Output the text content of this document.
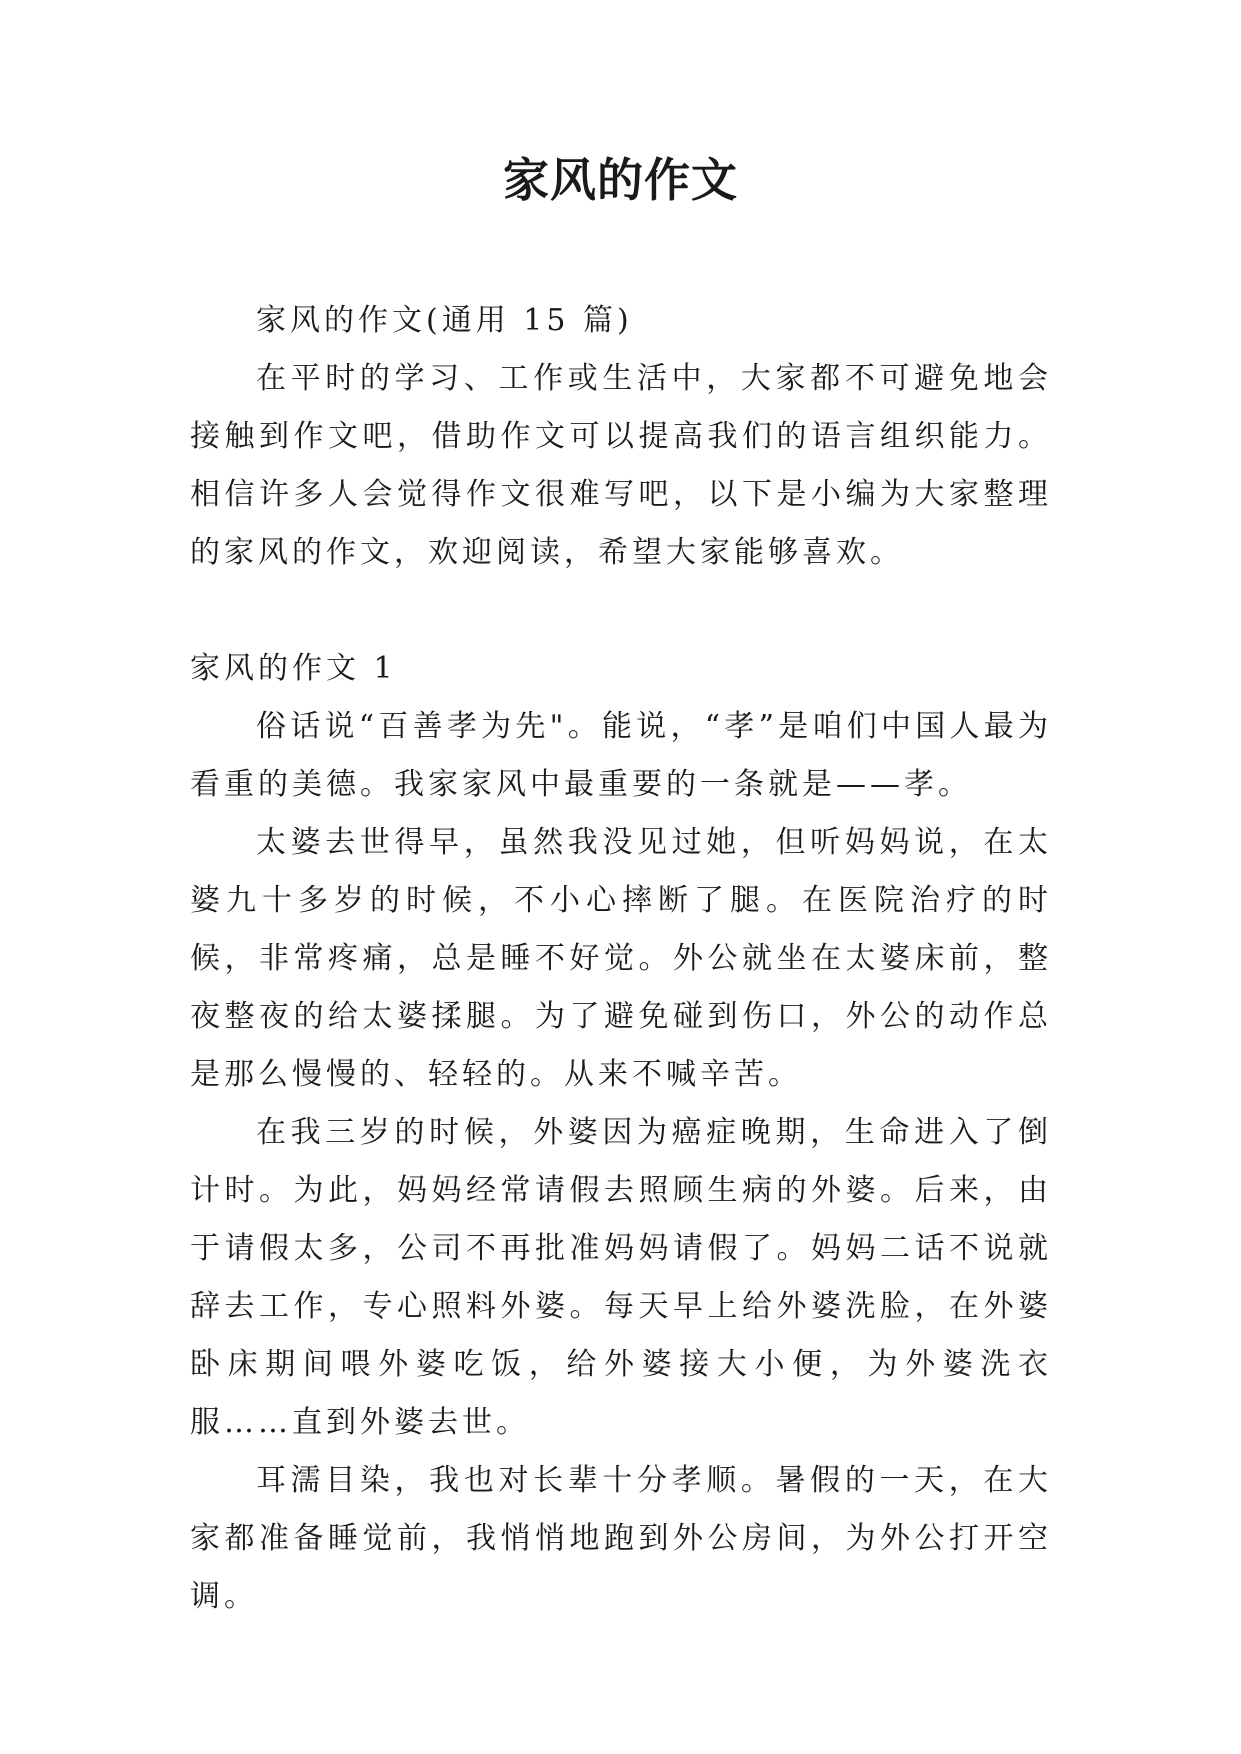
家风的作文

家风的作文(通用 15 篇)

在平时的学习、工作或生活中，大家都不可避免地会接触到作文吧，借助作文可以提高我们的语言组织能力。相信许多人会觉得作文很难写吧，以下是小编为大家整理的家风的作文，欢迎阅读，希望大家能够喜欢。

家风的作文 1

俗话说“百善孝为先"。能说，“孝”是咱们中国人最为看重的美德。我家家风中最重要的一条就是——孝。

太婆去世得早，虽然我没见过她，但听妈妈说，在太婆九十多岁的时候，不小心摔断了腿。在医院治疗的时候，非常疼痛，总是睡不好觉。外公就坐在太婆床前，整夜整夜的给太婆揉腿。为了避免碰到伤口，外公的动作总是那么慢慢的、轻轻的。从来不喊辛苦。

在我三岁的时候，外婆因为癌症晚期，生命进入了倒计时。为此，妈妈经常请假去照顾生病的外婆。后来，由于请假太多，公司不再批准妈妈请假了。妈妈二话不说就辞去工作，专心照料外婆。每天早上给外婆洗脸，在外婆卧床期间喂外婆吃饭，给外婆接大小便，为外婆洗衣服……直到外婆去世。

耳濡目染，我也对长辈十分孝顺。暑假的一天，在大家都准备睡觉前，我悄悄地跑到外公房间，为外公打开空调。
